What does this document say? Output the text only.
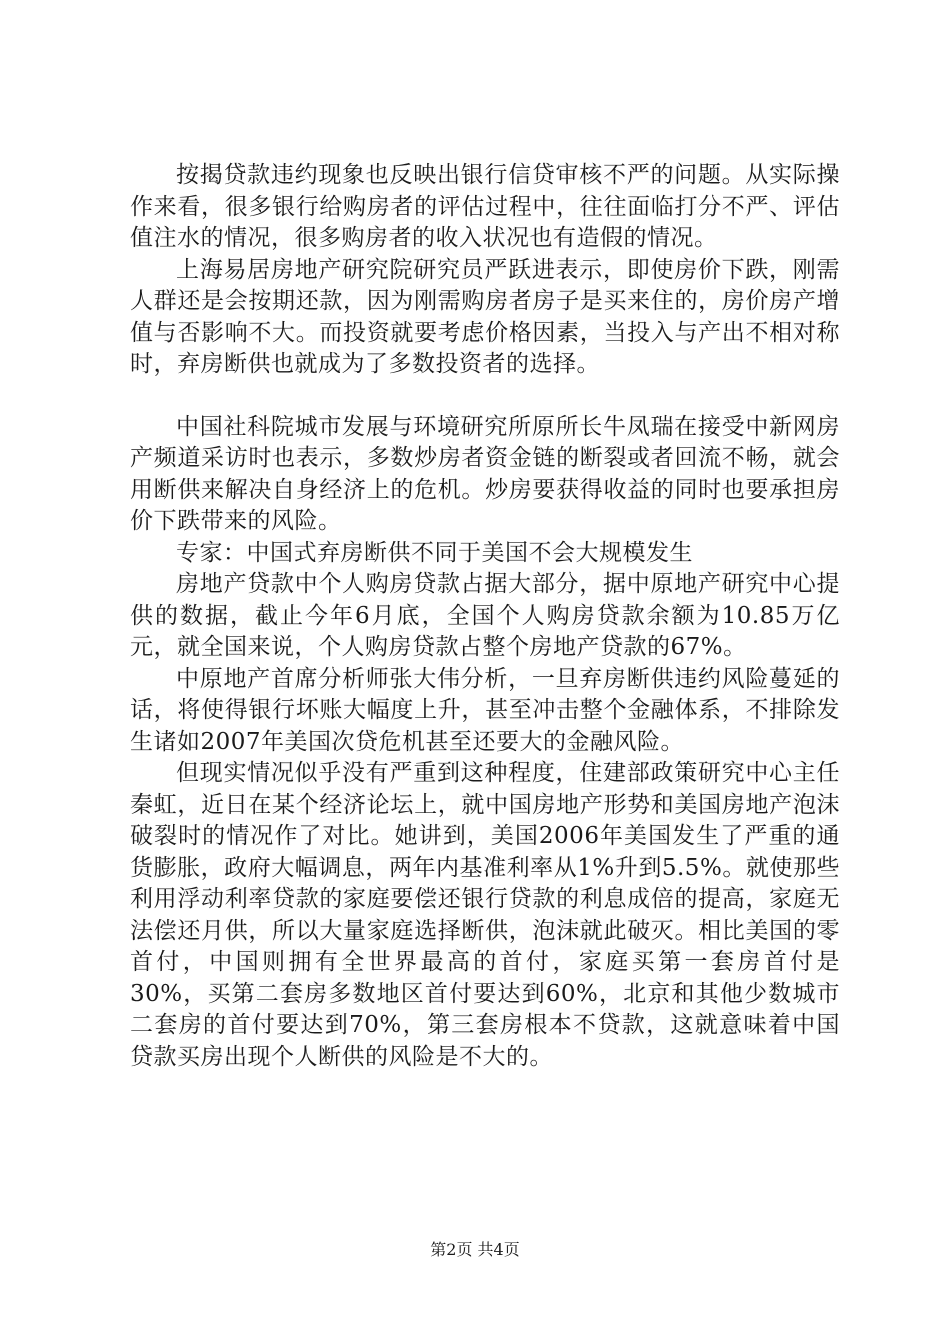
按揭贷款违约现象也反映出银行信贷审核不严的问题。从实际操作来看，很多银行给购房者的评估过程中，往往面临打分不严、评估值注水的情况，很多购房者的收入状况也有造假的情况。

上海易居房地产研究院研究员严跃进表示，即使房价下跌，刚需人群还是会按期还款，因为刚需购房者房子是买来住的，房价房产增值与否影响不大。而投资就要考虑价格因素，当投入与产出不相对称时，弃房断供也就成为了多数投资者的选择。

中国社科院城市发展与环境研究所原所长牛凤瑞在接受中新网房产频道采访时也表示，多数炒房者资金链的断裂或者回流不畅，就会用断供来解决自身经济上的危机。炒房要获得收益的同时也要承担房价下跌带来的风险。

专家：中国式弃房断供不同于美国不会大规模发生

房地产贷款中个人购房贷款占据大部分，据中原地产研究中心提供的数据，截止今年6月底，全国个人购房贷款余额为10.85万亿元，就全国来说，个人购房贷款占整个房地产贷款的67%。

中原地产首席分析师张大伟分析，一旦弃房断供违约风险蔓延的话，将使得银行坏账大幅度上升，甚至冲击整个金融体系，不排除发生诸如2007年美国次贷危机甚至还要大的金融风险。

但现实情况似乎没有严重到这种程度，住建部政策研究中心主任秦虹，近日在某个经济论坛上，就中国房地产形势和美国房地产泡沫破裂时的情况作了对比。她讲到，美国2006年美国发生了严重的通货膨胀，政府大幅调息，两年内基准利率从1%升到5.5%。就使那些利用浮动利率贷款的家庭要偿还银行贷款的利息成倍的提高，家庭无法偿还月供，所以大量家庭选择断供，泡沫就此破灭。相比美国的零首付，中国则拥有全世界最高的首付，家庭买第一套房首付是30%，买第二套房多数地区首付要达到60%，北京和其他少数城市二套房的首付要达到70%，第三套房根本不贷款，这就意味着中国贷款买房出现个人断供的风险是不大的。

第2页 共4页
